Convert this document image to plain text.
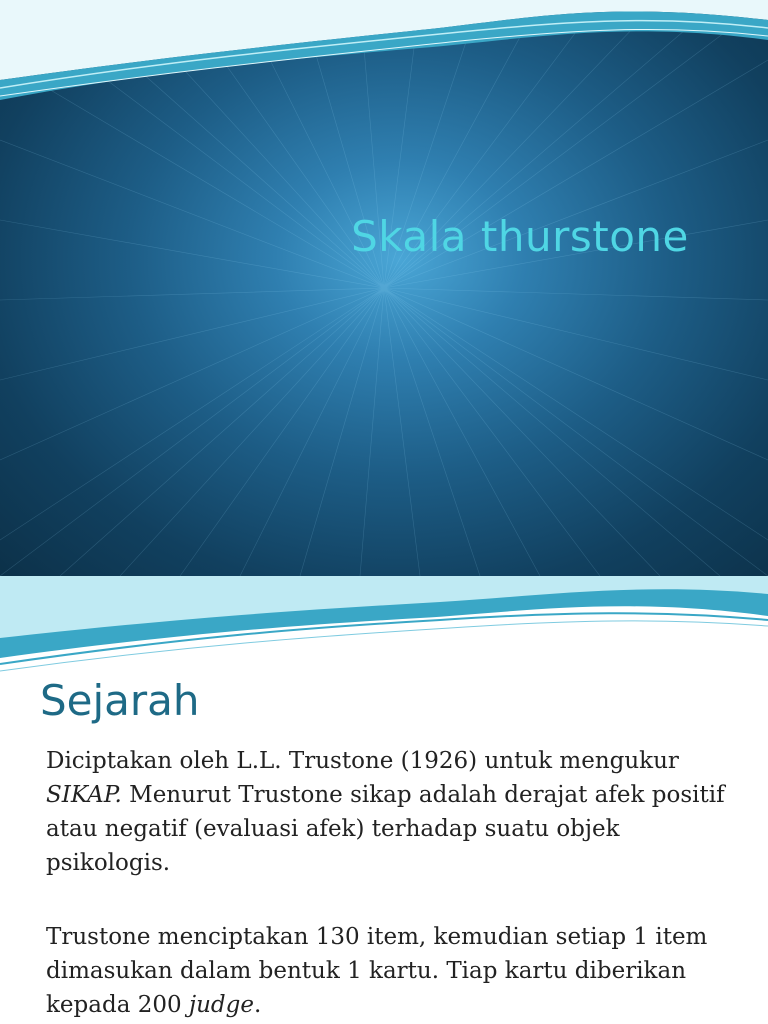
Skala thurstone
Sejarah

Diciptakan oleh L.L. Trustone (1926) untuk mengukur SIKAP. Menurut Trustone sikap adalah derajat afek positif atau negatif (evaluasi afek) terhadap suatu objek psikologis.

Trustone menciptakan 130 item, kemudian setiap 1 item dimasukan dalam bentuk 1 kartu. Tiap kartu diberikan kepada 200 judge.
